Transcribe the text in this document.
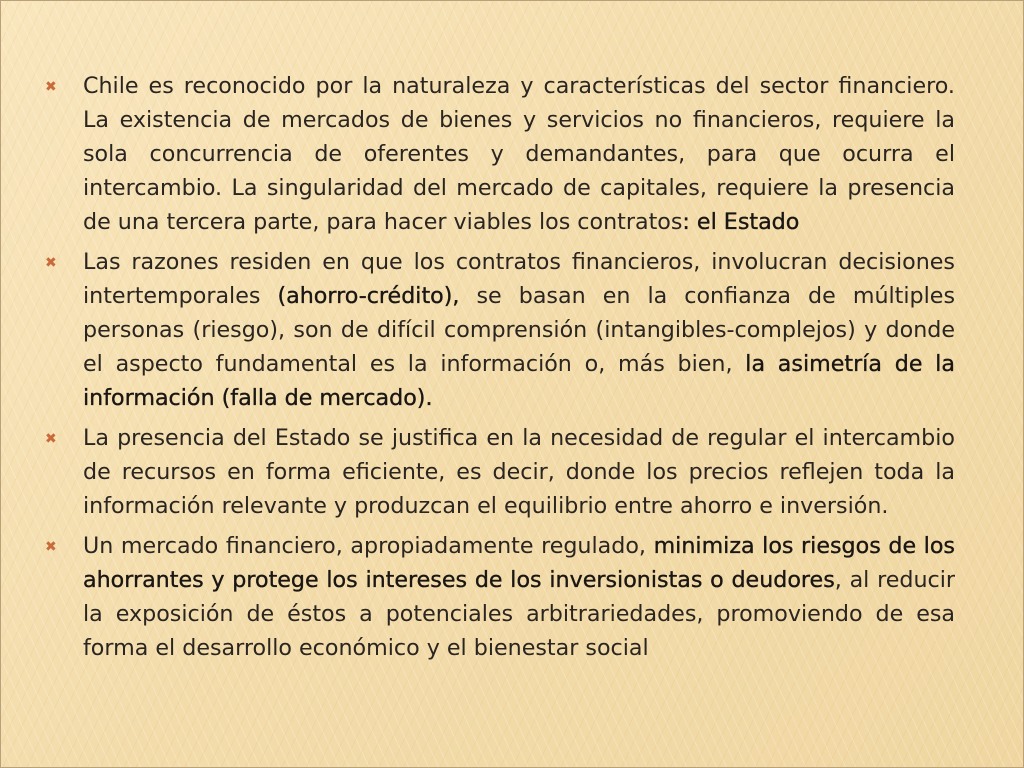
✖ Chile es reconocido por la naturaleza y características del sector financiero. La existencia de mercados de bienes y servicios no financieros, requiere la sola concurrencia de oferentes y demandantes, para que ocurra el intercambio. La singularidad del mercado de capitales, requiere la presencia de una tercera parte, para hacer viables los contratos: el Estado
✖ Las razones residen en que los contratos financieros, involucran decisiones intertemporales (ahorro-crédito), se basan en la confianza de múltiples personas (riesgo), son de difícil comprensión (intangibles-complejos) y donde el aspecto fundamental es la información o, más bien, la asimetría de la información (falla de mercado).
✖ La presencia del Estado se justifica en la necesidad de regular el intercambio de recursos en forma eficiente, es decir, donde los precios reflejen toda la información relevante y produzcan el equilibrio entre ahorro e inversión.
✖ Un mercado financiero, apropiadamente regulado, minimiza los riesgos de los ahorrantes y protege los intereses de los inversionistas o deudores, al reducir la exposición de éstos a potenciales arbitrariedades, promoviendo de esa forma el desarrollo económico y el bienestar social
